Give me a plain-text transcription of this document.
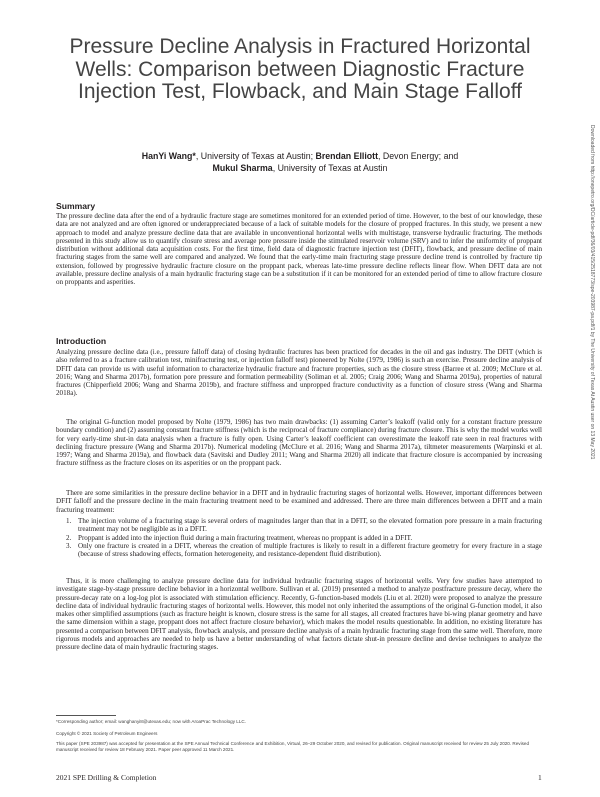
Pressure Decline Analysis in Fractured Horizontal Wells: Comparison between Diagnostic Fracture Injection Test, Flowback, and Main Stage Falloff
HanYi Wang*, University of Texas at Austin; Brendan Elliott, Devon Energy; and
Mukul Sharma, University of Texas at Austin	Downloaded from http://onepetro.org/DC/article-pdf/36/03/415/2518773/spe-203987-pa.pdf/1 by The University of Texas At Austin user on 13 May 2021
Summary

The pressure decline data after the end of a hydraulic fracture stage are sometimes monitored for an extended period of time. However, to the best of our knowledge, these data are not analyzed and are often ignored or underappreciated because of a lack of suitable models for the closure of propped fractures. In this study, we present a new approach to model and analyze pressure decline data that are available in unconventional horizontal wells with multistage, transverse hydraulic fracturing. The methods presented in this study allow us to quantify closure stress and average pore pressure inside the stimulated reservoir volume (SRV) and to infer the uniformity of proppant distribution without additional data acquisition costs. For the first time, field data of diagnostic fracture injection test (DFIT), flowback, and pressure decline of main fracturing stages from the same well are compared and analyzed. We found that the early-time main fracturing stage pressure decline trend is controlled by fracture tip extension, followed by progressive hydraulic fracture closure on the proppant pack, whereas late-time pressure decline reflects linear flow. When DFIT data are not available, pressure decline analysis of a main hydraulic fracturing stage can be a substitution if it can be monitored for an extended period of time to allow fracture closure on proppants and asperities.

Introduction

Analyzing pressure decline data (i.e., pressure falloff data) of closing hydraulic fractures has been practiced for decades in the oil and gas industry. The DFIT (which is also referred to as a fracture calibration test, minifracturing test, or injection falloff test) pioneered by Nolte (1979, 1986) is such an exercise. Pressure decline analysis of DFIT data can provide us with useful information to characterize hydraulic fracture and fracture properties, such as the closure stress (Barree et al. 2009; McClure et al. 2016; Wang and Sharma 2017b), formation pore pressure and formation permeability (Soliman et al. 2005; Craig 2006; Wang and Sharma 2019a), properties of natural fractures (Chipperfield 2006; Wang and Sharma 2019b), and fracture stiffness and unpropped fracture conductivity as a function of closure stress (Wang and Sharma 2018a).

The original G-function model proposed by Nolte (1979, 1986) has two main drawbacks: (1) assuming Carter’s leakoff (valid only for a constant fracture pressure boundary condition) and (2) assuming constant fracture stiffness (which is the reciprocal of fracture compliance) during fracture closure. This is why the model works well for very early-time shut-in data analysis when a fracture is fully open. Using Carter’s leakoff coefficient can overestimate the leakoff rate seen in real fractures with declining fracture pressure (Wang and Sharma 2017b). Numerical modeling (McClure et al. 2016; Wang and Sharma 2017a), tiltmeter measurements (Warpinski et al. 1997; Wang and Sharma 2019a), and flowback data (Savitski and Dudley 2011; Wang and Sharma 2020) all indicate that fracture closure is accompanied by increasing fracture stiffness as the fracture closes on its asperities or on the proppant pack.

There are some similarities in the pressure decline behavior in a DFIT and in hydraulic fracturing stages of horizontal wells. However, important differences between DFIT falloff and the pressure decline in the main fracturing treatment need to be examined and addressed. There are three main differences between a DFIT and a main fracturing treatment:

1. The injection volume of a fracturing stage is several orders of magnitudes larger than that in a DFIT, so the elevated formation pore pressure in a main fracturing treatment may not be negligible as in a DFIT.
2. Proppant is added into the injection fluid during a main fracturing treatment, whereas no proppant is added in a DFIT.
3. Only one fracture is created in a DFIT, whereas the creation of multiple fractures is likely to result in a different fracture geometry for every fracture in a stage (because of stress shadowing effects, formation heterogeneity, and resistance-dependent fluid distribution).

Thus, it is more challenging to analyze pressure decline data for individual hydraulic fracturing stages of horizontal wells. Very few studies have attempted to investigate stage-by-stage pressure decline behavior in a horizontal wellbore. Sullivan et al. (2019) presented a method to analyze postfracture pressure decay, where the pressure-decay rate on a log-log plot is associated with stimulation efficiency. Recently, G-function-based models (Liu et al. 2020) were proposed to analyze the pressure decline data of individual hydraulic fracturing stages of horizontal wells. However, this model not only inherited the assumptions of the original G-function model, it also makes other simplified assumptions (such as fracture height is known, closure stress is the same for all stages, all created fractures have bi-wing planar geometry and have the same dimension within a stage, proppant does not affect fracture closure behavior), which makes the model results questionable. In addition, no existing literature has presented a comparison between DFIT analysis, flowback analysis, and pressure decline analysis of a main hydraulic fracturing stage from the same well. Therefore, more rigorous models and approaches are needed to help us have a better understanding of what factors dictate shut-in pressure decline and devise techniques to analyze the pressure decline data of main hydraulic fracturing stages.

*Corresponding author; email: wanghanyi8@utexas.edu; now with AroaPrac Technology LLC.

Copyright © 2021 Society of Petroleum Engineers

This paper (SPE 203987) was accepted for presentation at the SPE Annual Technical Conference and Exhibition, Virtual, 26–29 October 2020, and revised for publication. Original manuscript received for review 25 July 2020. Revised manuscript received for review 18 February 2021. Paper peer approved 11 March 2021.

2021 SPE Drilling & Completion	1
